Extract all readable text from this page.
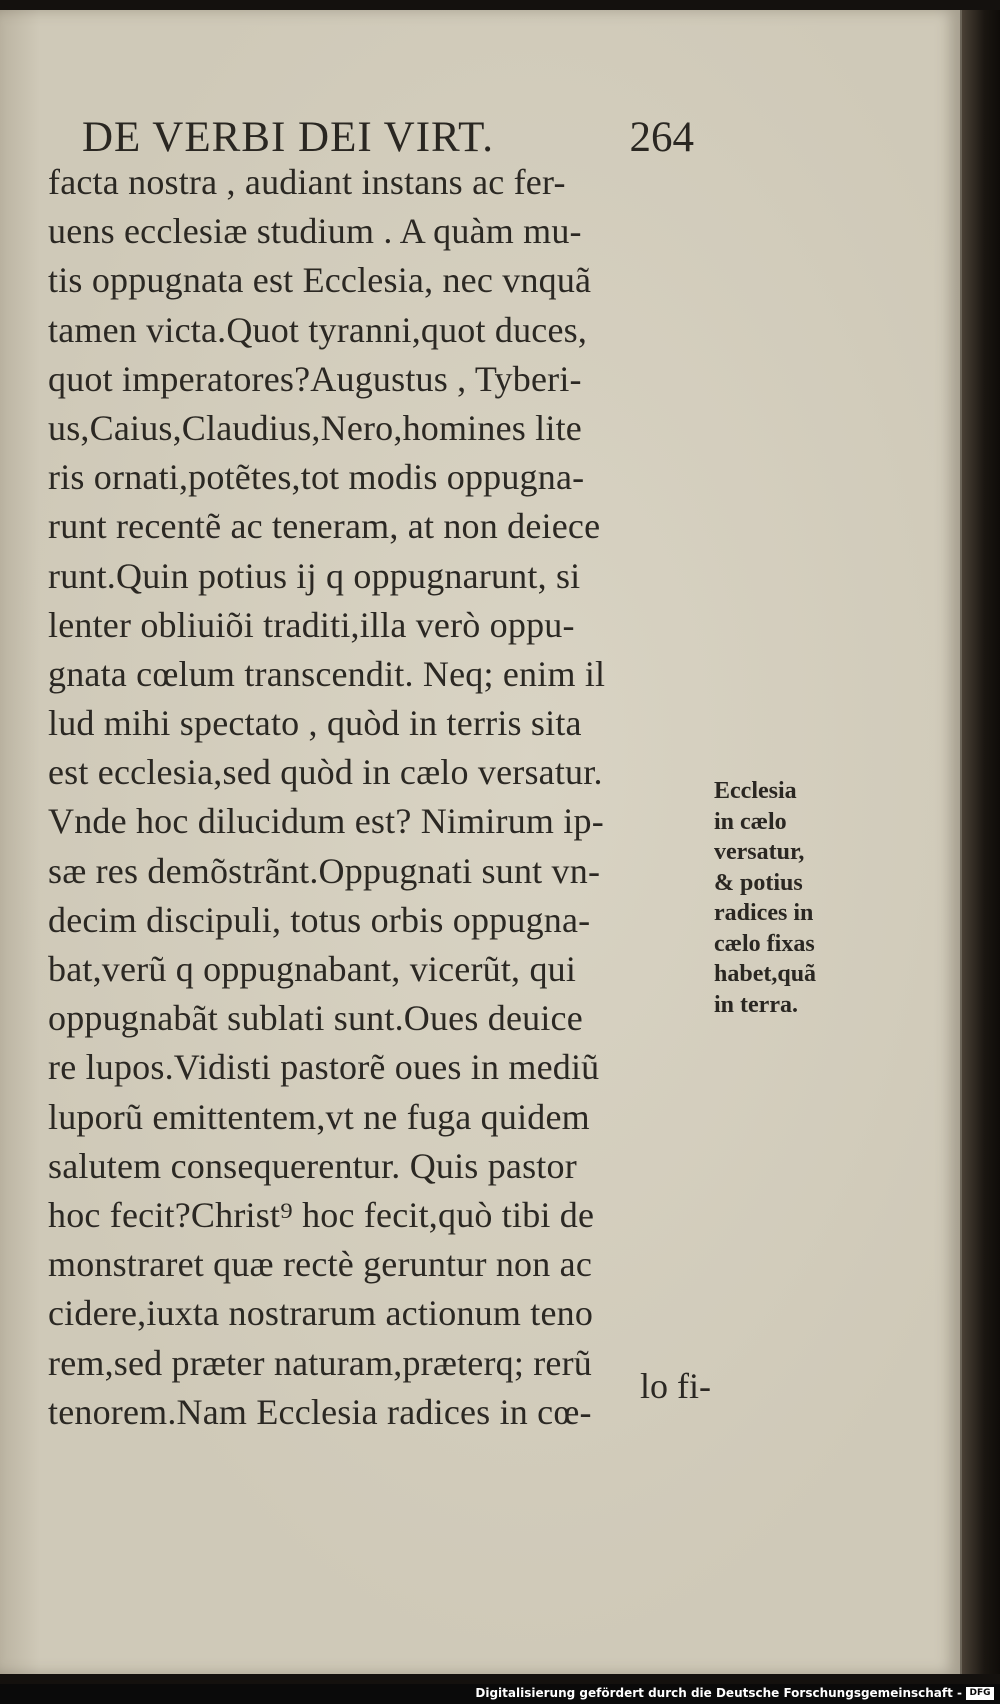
DE VERBI DEI VIRT.	264
facta nostra , audiant instans ac fer-
uens ecclesiæ studium . A quàm mu-
tis oppugnata est Ecclesia, nec vnquã
tamen victa.Quot tyranni,quot duces,
quot imperatores?Augustus , Tyberi-
us,Caius,Claudius,Nero,homines lite
ris ornati,potẽtes,tot modis oppugna-
runt recentẽ ac teneram, at non deiece
runt.Quin potius ij q oppugnarunt, si
lenter obliuiõi traditi,illa verò oppu-
gnata cœlum transcendit. Neq; enim il
lud mihi spectato , quòd in terris sita
est ecclesia,sed quòd in cælo versatur.
Vnde hoc dilucidum est? Nimirum ip-
sæ res demõstrãnt.Oppugnati sunt vn-
decim discipuli, totus orbis oppugna-
bat,verũ q oppugnabant, vicerũt, qui
oppugnabãt sublati sunt.Oues deuice
re lupos.Vidisti pastorẽ oues in mediũ
luporũ emittentem,vt ne fuga quidem
salutem consequerentur. Quis pastor
hoc fecit?Christ⁹ hoc fecit,quò tibi de
monstraret quæ rectè geruntur non ac
cidere,iuxta nostrarum actionum teno
rem,sed præter naturam,præterq; rerũ
tenorem.Nam Ecclesia radices in cœ-
lo fi-
Ecclesia
in cælo
versatur,
& potius
radices in
cælo fixas
habet,quã
in terra.
Digitalisierung gefördert durch die Deutsche Forschungsgemeinschaft - DFG
